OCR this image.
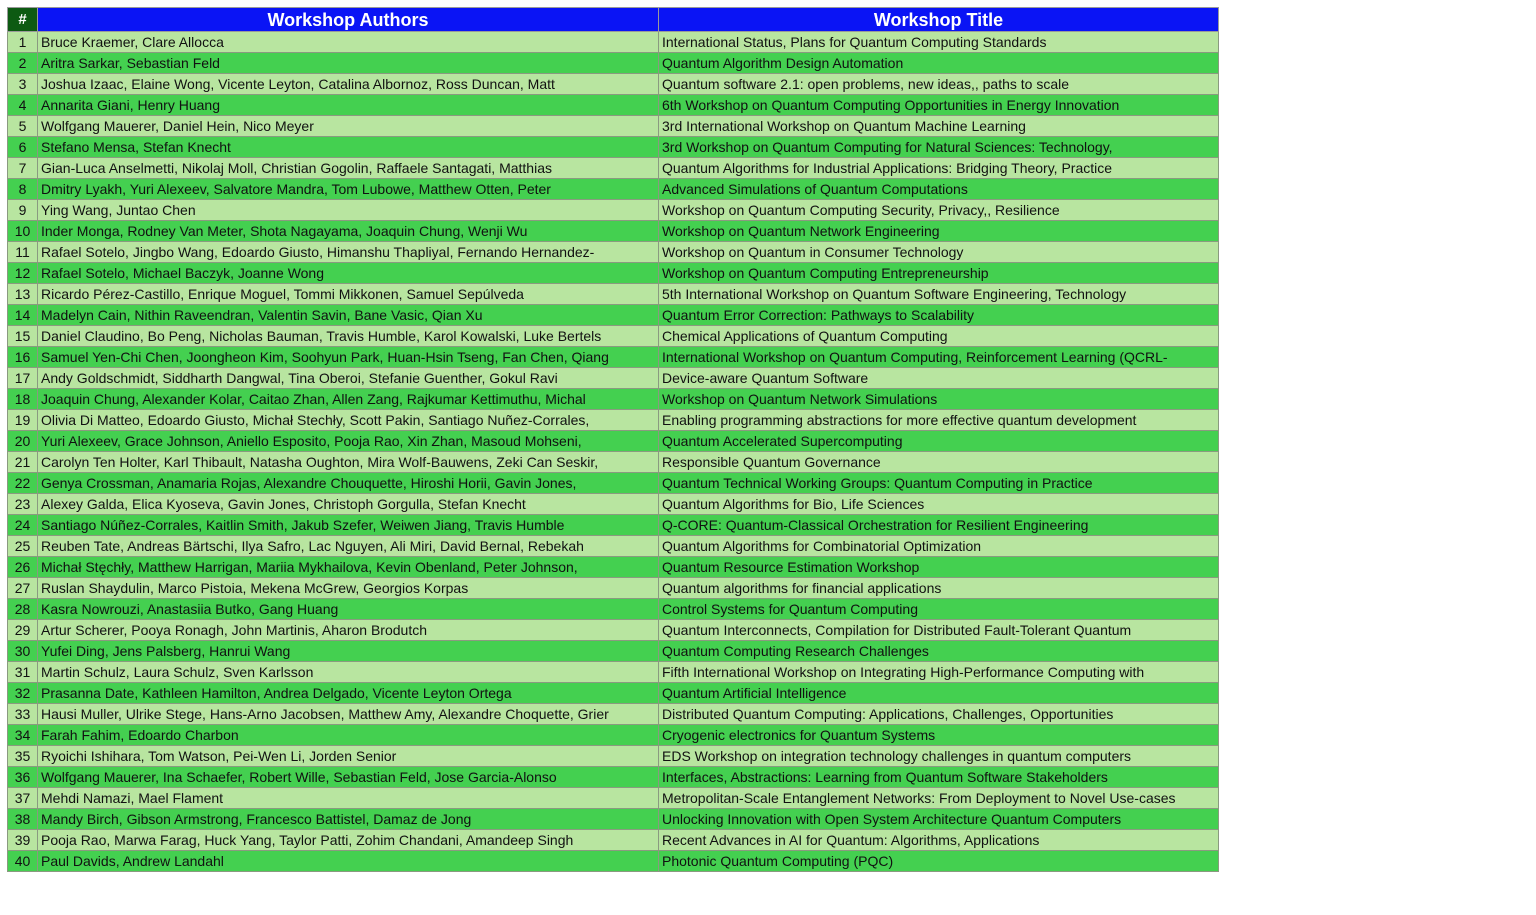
#	Workshop Authors	Workshop Title
1	Bruce Kraemer, Clare Allocca	International Status, Plans for Quantum Computing Standards
2	Aritra Sarkar, Sebastian Feld	Quantum Algorithm Design Automation
3	Joshua Izaac, Elaine Wong, Vicente Leyton, Catalina Albornoz, Ross Duncan, Matt	Quantum software 2.1: open problems, new ideas,, paths to scale
4	Annarita Giani, Henry Huang	6th Workshop on Quantum Computing Opportunities in Energy Innovation
5	Wolfgang Mauerer, Daniel Hein, Nico Meyer	3rd International Workshop on Quantum Machine Learning
6	Stefano Mensa, Stefan Knecht	3rd Workshop on Quantum Computing for Natural Sciences: Technology,
7	Gian-Luca Anselmetti, Nikolaj Moll, Christian Gogolin, Raffaele Santagati, Matthias	Quantum Algorithms for Industrial Applications: Bridging Theory, Practice
8	Dmitry Lyakh, Yuri Alexeev, Salvatore Mandra, Tom Lubowe, Matthew Otten, Peter	Advanced Simulations of Quantum Computations
9	Ying Wang, Juntao Chen	Workshop on Quantum Computing Security, Privacy,, Resilience
10	Inder Monga, Rodney Van Meter, Shota Nagayama, Joaquin Chung, Wenji Wu	Workshop on Quantum Network Engineering
11	Rafael Sotelo, Jingbo Wang, Edoardo Giusto, Himanshu Thapliyal, Fernando Hernandez-	Workshop on Quantum in Consumer Technology
12	Rafael Sotelo, Michael Baczyk, Joanne Wong	Workshop on Quantum Computing Entrepreneurship
13	Ricardo Pérez-Castillo, Enrique Moguel, Tommi Mikkonen, Samuel Sepúlveda	5th International Workshop on Quantum Software Engineering, Technology
14	Madelyn Cain, Nithin Raveendran, Valentin Savin, Bane Vasic, Qian Xu	Quantum Error Correction: Pathways to Scalability
15	Daniel Claudino, Bo Peng, Nicholas Bauman, Travis Humble, Karol Kowalski, Luke Bertels	Chemical Applications of Quantum Computing
16	Samuel Yen-Chi Chen, Joongheon Kim, Soohyun Park, Huan-Hsin Tseng, Fan Chen, Qiang	International Workshop on Quantum Computing, Reinforcement Learning (QCRL-
17	Andy Goldschmidt, Siddharth Dangwal, Tina Oberoi, Stefanie Guenther, Gokul Ravi	Device-aware Quantum Software
18	Joaquin Chung, Alexander Kolar, Caitao Zhan, Allen Zang, Rajkumar Kettimuthu, Michal	Workshop on Quantum Network Simulations
19	Olivia Di Matteo, Edoardo Giusto, Michał Stechły, Scott Pakin, Santiago Nuñez-Corrales,	Enabling programming abstractions for more effective quantum development
20	Yuri Alexeev, Grace Johnson, Aniello Esposito, Pooja Rao, Xin Zhan, Masoud Mohseni,	Quantum Accelerated Supercomputing
21	Carolyn Ten Holter, Karl Thibault, Natasha Oughton, Mira Wolf-Bauwens, Zeki Can Seskir,	Responsible Quantum Governance
22	Genya Crossman, Anamaria Rojas, Alexandre Chouquette, Hiroshi Horii, Gavin Jones,	Quantum Technical Working Groups: Quantum Computing in Practice
23	Alexey Galda, Elica Kyoseva, Gavin Jones, Christoph Gorgulla, Stefan Knecht	Quantum Algorithms for Bio, Life Sciences
24	Santiago Núñez-Corrales, Kaitlin Smith, Jakub Szefer, Weiwen Jiang, Travis Humble	Q-CORE: Quantum-Classical Orchestration for Resilient Engineering
25	Reuben Tate, Andreas Bärtschi, Ilya Safro, Lac Nguyen, Ali Miri, David Bernal, Rebekah	Quantum Algorithms for Combinatorial Optimization
26	Michał Stęchły, Matthew Harrigan, Mariia Mykhailova, Kevin Obenland, Peter Johnson,	Quantum Resource Estimation Workshop
27	Ruslan Shaydulin, Marco Pistoia, Mekena McGrew, Georgios Korpas	Quantum algorithms for financial applications
28	Kasra Nowrouzi, Anastasiia Butko, Gang Huang	Control Systems for Quantum Computing
29	Artur Scherer, Pooya Ronagh, John Martinis, Aharon Brodutch	Quantum Interconnects, Compilation for Distributed Fault-Tolerant Quantum
30	Yufei Ding, Jens Palsberg, Hanrui Wang	Quantum Computing Research Challenges
31	Martin Schulz, Laura Schulz, Sven Karlsson	Fifth International Workshop on Integrating High-Performance Computing with
32	Prasanna Date, Kathleen Hamilton, Andrea Delgado, Vicente Leyton Ortega	Quantum Artificial Intelligence
33	Hausi Muller, Ulrike Stege, Hans-Arno Jacobsen, Matthew Amy, Alexandre Choquette, Grier	Distributed Quantum Computing: Applications, Challenges, Opportunities
34	Farah Fahim, Edoardo Charbon	Cryogenic electronics for Quantum Systems
35	Ryoichi Ishihara, Tom Watson, Pei-Wen Li, Jorden Senior	EDS Workshop on integration technology challenges in quantum computers
36	Wolfgang Mauerer, Ina Schaefer, Robert Wille, Sebastian Feld, Jose Garcia-Alonso	Interfaces, Abstractions: Learning from Quantum Software Stakeholders
37	Mehdi Namazi, Mael Flament	Metropolitan-Scale Entanglement Networks: From Deployment to Novel Use-cases
38	Mandy Birch, Gibson Armstrong, Francesco Battistel, Damaz de Jong	Unlocking Innovation with Open System Architecture Quantum Computers
39	Pooja Rao, Marwa Farag, Huck Yang, Taylor Patti, Zohim Chandani, Amandeep Singh	Recent Advances in AI for Quantum: Algorithms, Applications
40	Paul Davids, Andrew Landahl	Photonic Quantum Computing (PQC)
